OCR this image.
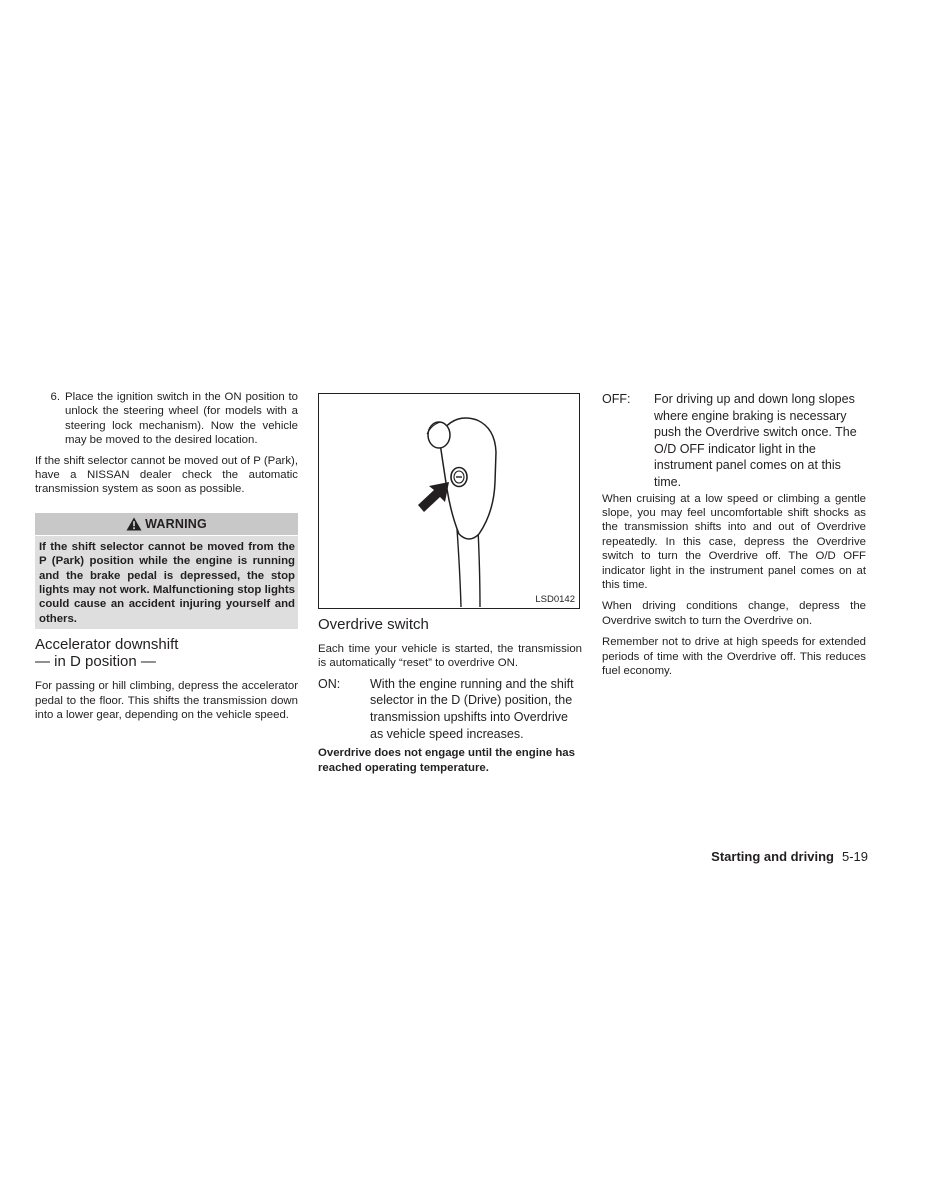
6. Place the ignition switch in the ON position to unlock the steering wheel (for models with a steering lock mechanism). Now the vehicle may be moved to the desired location.

If the shift selector cannot be moved out of P (Park), have a NISSAN dealer check the automatic transmission system as soon as possible.

WARNING
If the shift selector cannot be moved from the P (Park) position while the engine is running and the brake pedal is depressed, the stop lights may not work. Malfunctioning stop lights could cause an accident injuring yourself and others.

Accelerator downshift

— in D position —

For passing or hill climbing, depress the accelerator pedal to the floor. This shifts the transmission down into a lower gear, depending on the vehicle speed.

LSD0142

Overdrive switch

Each time your vehicle is started, the transmission is automatically “reset” to overdrive ON.

ON:	With the engine running and the shift selector in the D (Drive) position, the transmission upshifts into Overdrive as vehicle speed increases.

Overdrive does not engage until the engine has reached operating temperature.

OFF:	For driving up and down long slopes where engine braking is necessary push the Overdrive switch once. The O/D OFF indicator light in the instrument panel comes on at this time.

When cruising at a low speed or climbing a gentle slope, you may feel uncomfortable shift shocks as the transmission shifts into and out of Overdrive repeatedly. In this case, depress the Overdrive switch to turn the Overdrive off. The O/D OFF indicator light in the instrument panel comes on at this time.

When driving conditions change, depress the Overdrive switch to turn the Overdrive on.

Remember not to drive at high speeds for extended periods of time with the Overdrive off. This reduces fuel economy.

Starting and driving 5-19
